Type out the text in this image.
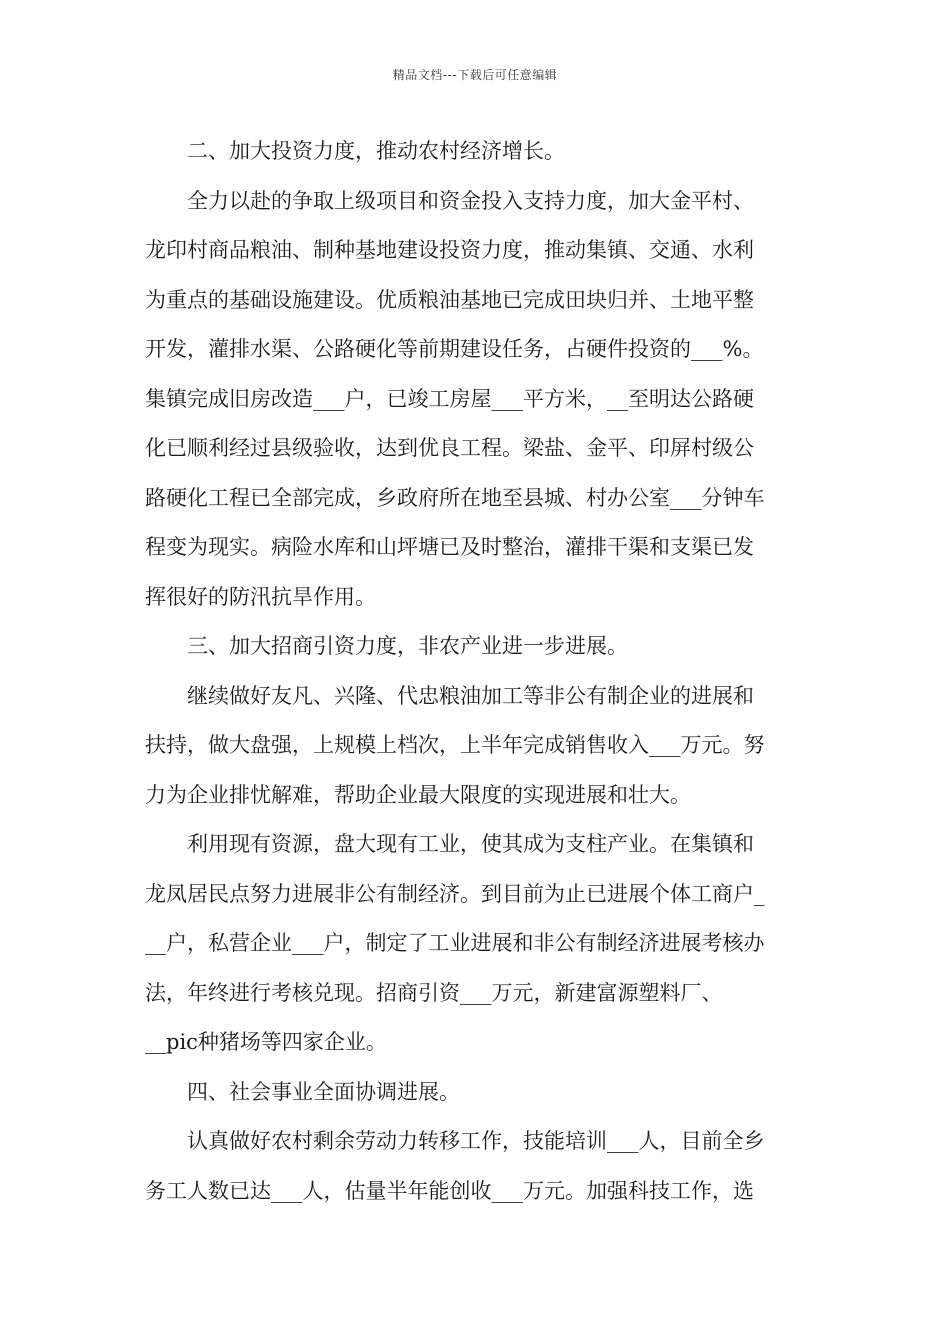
精品文档---下载后可任意编辑
二、加大投资力度，推动农村经济增长。
全力以赴的争取上级项目和资金投入支持力度，加大金平村、
龙印村商品粮油、制种基地建设投资力度，推动集镇、交通、水利
为重点的基础设施建设。优质粮油基地已完成田块归并、土地平整
开发，灌排水渠、公路硬化等前期建设任务，占硬件投资的___%。
集镇完成旧房改造___户，已竣工房屋___平方米，__至明达公路硬
化已顺利经过县级验收，达到优良工程。梁盐、金平、印屏村级公
路硬化工程已全部完成，乡政府所在地至县城、村办公室___分钟车
程变为现实。病险水库和山坪塘已及时整治，灌排干渠和支渠已发
挥很好的防汛抗旱作用。
三、加大招商引资力度，非农产业进一步进展。
继续做好友凡、兴隆、代忠粮油加工等非公有制企业的进展和
扶持，做大盘强，上规模上档次，上半年完成销售收入___万元。努
力为企业排忧解难，帮助企业最大限度的实现进展和壮大。
利用现有资源，盘大现有工业，使其成为支柱产业。在集镇和
龙凤居民点努力进展非公有制经济。到目前为止已进展个体工商户_
__户，私营企业___户，制定了工业进展和非公有制经济进展考核办
法，年终进行考核兑现。招商引资___万元，新建富源塑料厂、
__pic种猪场等四家企业。
四、社会事业全面协调进展。
认真做好农村剩余劳动力转移工作，技能培训___人，目前全乡
务工人数已达___人，估量半年能创收___万元。加强科技工作，选
